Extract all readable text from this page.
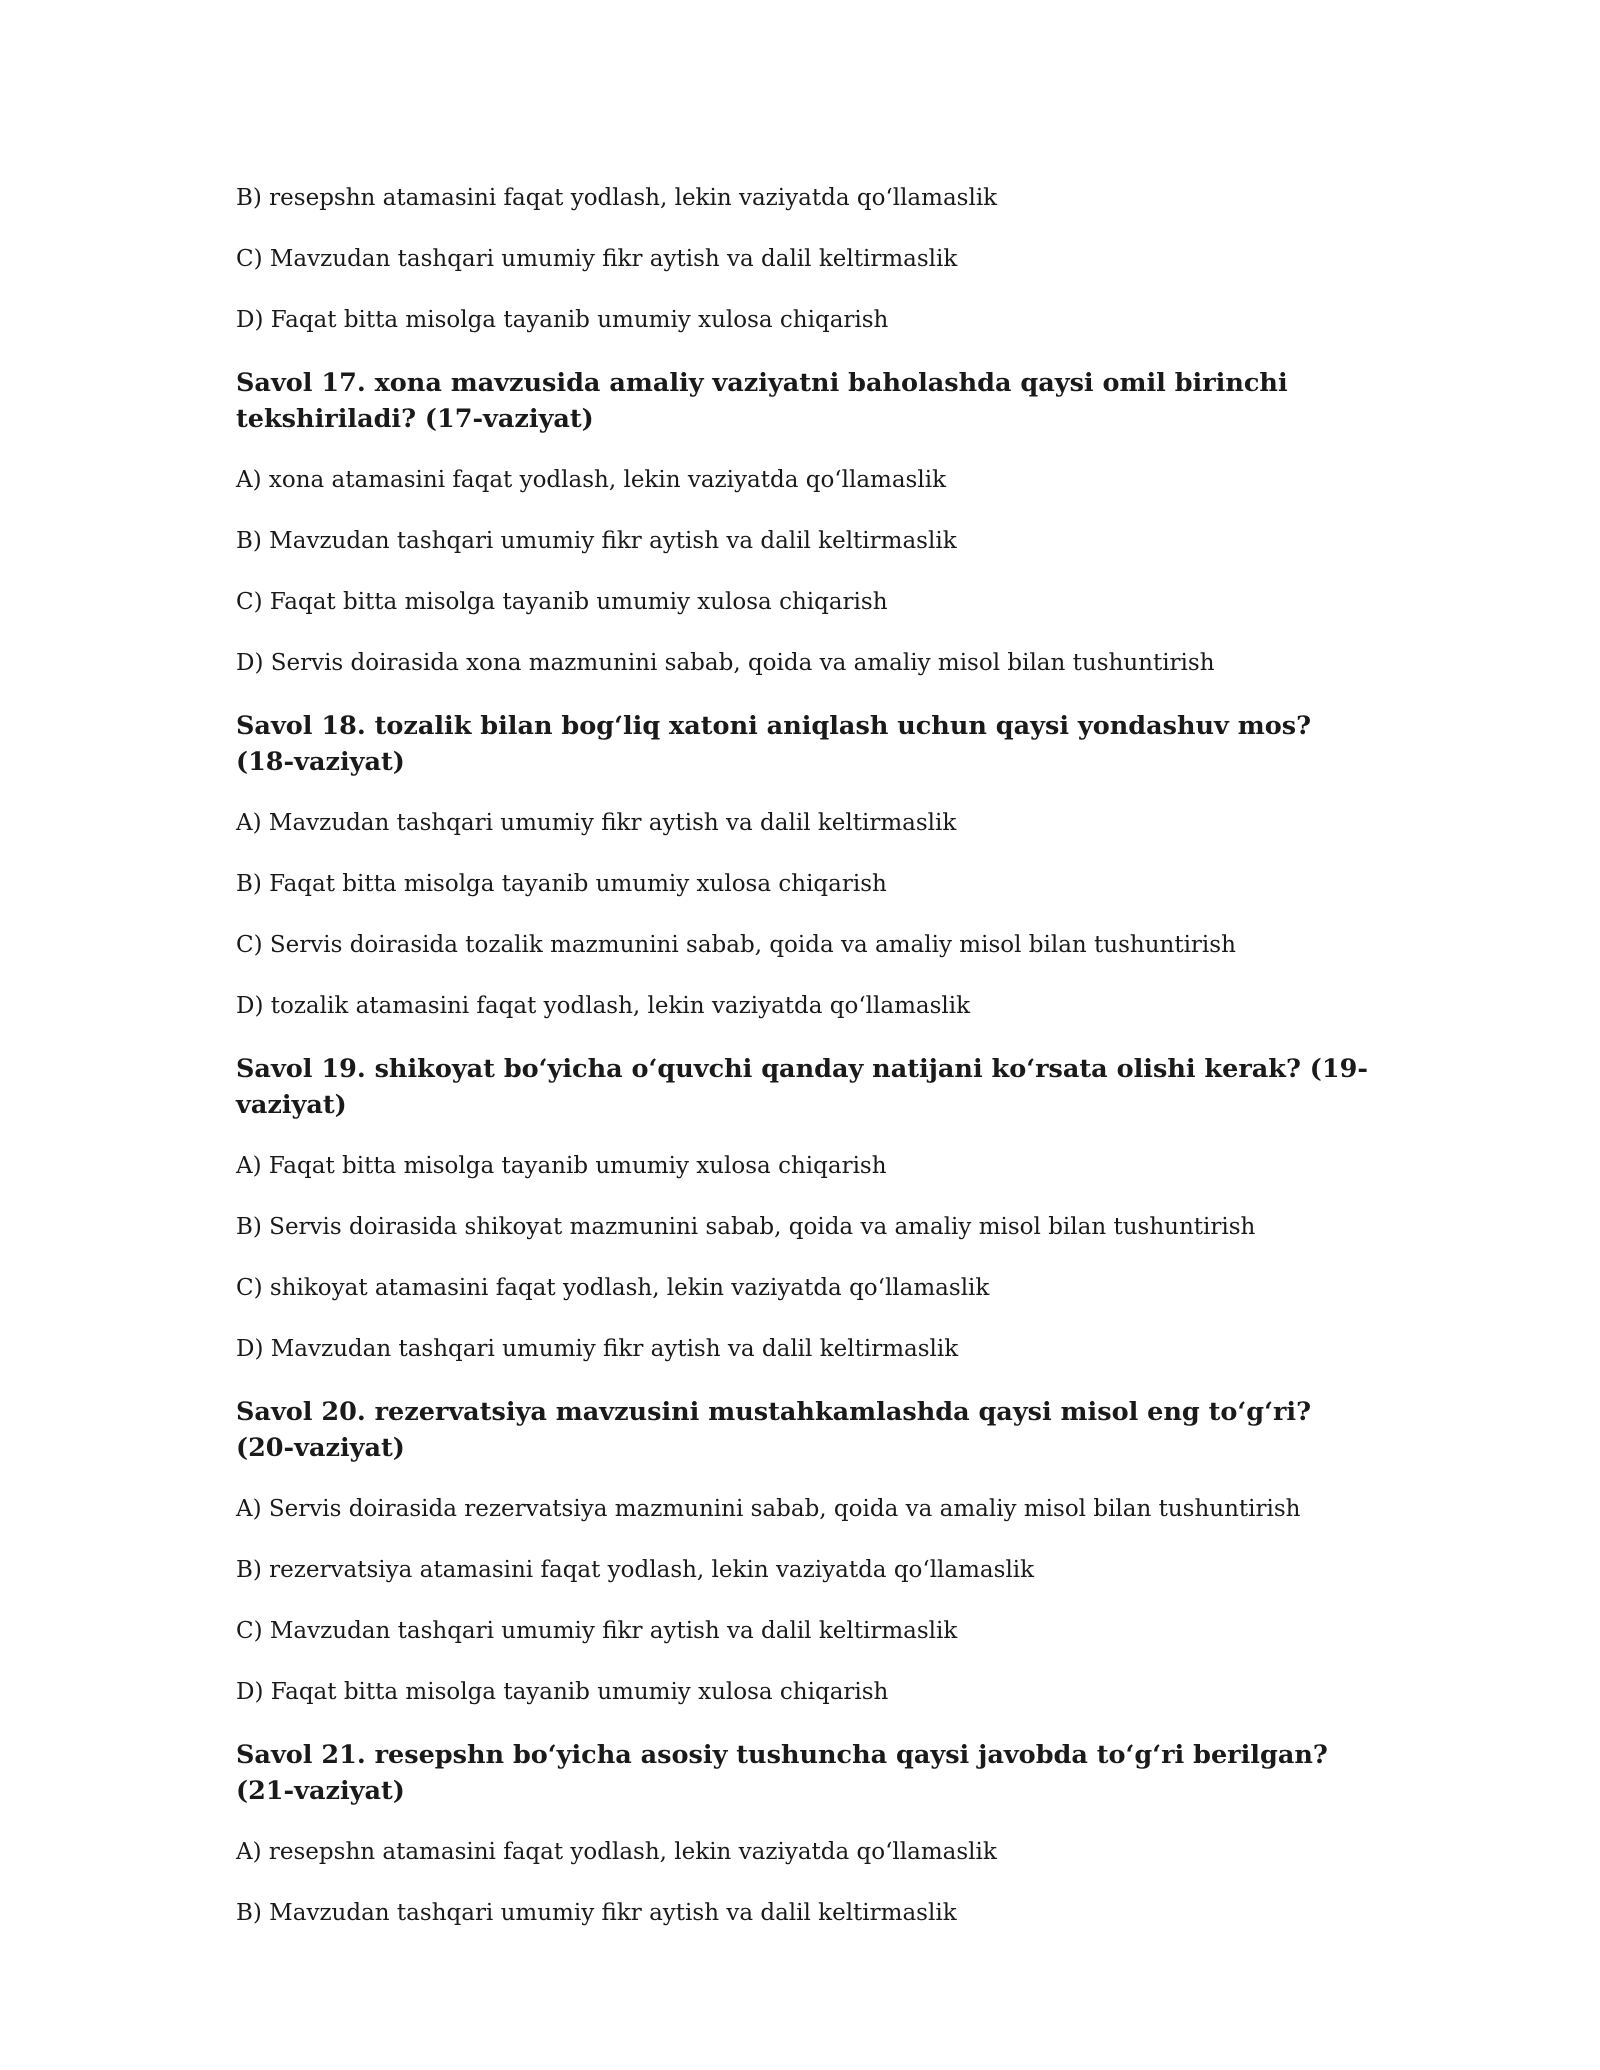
B) resepshn atamasini faqat yodlash, lekin vaziyatda qo‘llamaslik

C) Mavzudan tashqari umumiy fikr aytish va dalil keltirmaslik

D) Faqat bitta misolga tayanib umumiy xulosa chiqarish

Savol 17. xona mavzusida amaliy vaziyatni baholashda qaysi omil birinchi tekshiriladi? (17-vaziyat)

A) xona atamasini faqat yodlash, lekin vaziyatda qo‘llamaslik

B) Mavzudan tashqari umumiy fikr aytish va dalil keltirmaslik

C) Faqat bitta misolga tayanib umumiy xulosa chiqarish

D) Servis doirasida xona mazmunini sabab, qoida va amaliy misol bilan tushuntirish

Savol 18. tozalik bilan bog‘liq xatoni aniqlash uchun qaysi yondashuv mos? (18-vaziyat)

A) Mavzudan tashqari umumiy fikr aytish va dalil keltirmaslik

B) Faqat bitta misolga tayanib umumiy xulosa chiqarish

C) Servis doirasida tozalik mazmunini sabab, qoida va amaliy misol bilan tushuntirish

D) tozalik atamasini faqat yodlash, lekin vaziyatda qo‘llamaslik

Savol 19. shikoyat bo‘yicha o‘quvchi qanday natijani ko‘rsata olishi kerak? (19-vaziyat)

A) Faqat bitta misolga tayanib umumiy xulosa chiqarish

B) Servis doirasida shikoyat mazmunini sabab, qoida va amaliy misol bilan tushuntirish

C) shikoyat atamasini faqat yodlash, lekin vaziyatda qo‘llamaslik

D) Mavzudan tashqari umumiy fikr aytish va dalil keltirmaslik

Savol 20. rezervatsiya mavzusini mustahkamlashda qaysi misol eng to‘g‘ri? (20-vaziyat)

A) Servis doirasida rezervatsiya mazmunini sabab, qoida va amaliy misol bilan tushuntirish

B) rezervatsiya atamasini faqat yodlash, lekin vaziyatda qo‘llamaslik

C) Mavzudan tashqari umumiy fikr aytish va dalil keltirmaslik

D) Faqat bitta misolga tayanib umumiy xulosa chiqarish

Savol 21. resepshn bo‘yicha asosiy tushuncha qaysi javobda to‘g‘ri berilgan? (21-vaziyat)

A) resepshn atamasini faqat yodlash, lekin vaziyatda qo‘llamaslik

B) Mavzudan tashqari umumiy fikr aytish va dalil keltirmaslik
